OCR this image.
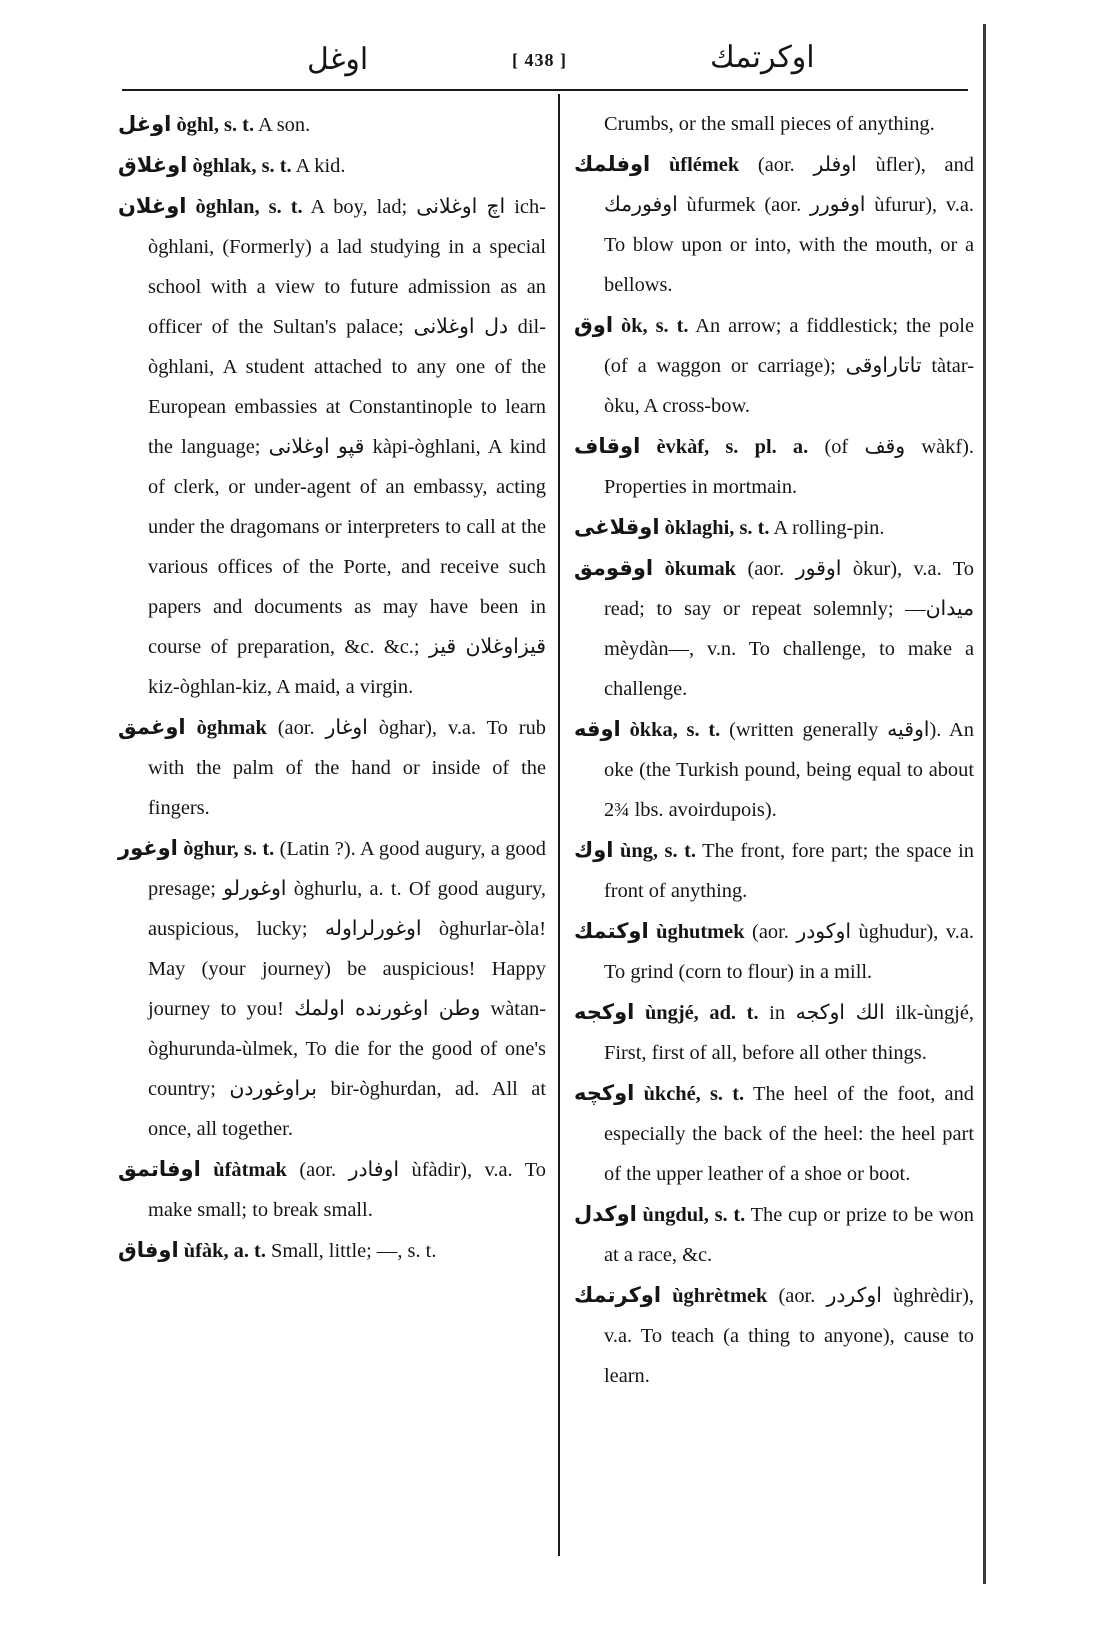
اوغل	[ 438 ]	اوكرتمك

اوغل òghl, s. t. A son.

اوغلاق òghlak, s. t. A kid.

اوغلان òghlan, s. t. A boy, lad; اچ اوغلانی ich-òghlani, (Formerly) a lad studying in a special school with a view to future admission as an officer of the Sultan's palace; دل اوغلانی dil-òghlani, A student attached to any one of the European embassies at Constantinople to learn the language; قپو اوغلانی kàpi-òghlani, A kind of clerk, or under-agent of an embassy, acting under the dragomans or interpreters to call at the various offices of the Porte, and receive such papers and documents as may have been in course of preparation, &c. &c.; قیزاوغلان قیز kiz-òghlan-kiz, A maid, a virgin.

اوغمق òghmak (aor. اوغار òghar), v.a. To rub with the palm of the hand or inside of the fingers.

اوغور òghur, s. t. (Latin ?). A good augury, a good presage; اوغورلو òghurlu, a. t. Of good augury, auspicious, lucky; اوغورلراوله òghurlar-òla! May (your journey) be auspicious! Happy journey to you! وطن اوغورنده اولمك wàtan-òghurunda-ùlmek, To die for the good of one's country; براوغوردن bir-òghurdan, ad. All at once, all together.

اوفاتمق ùfàtmak (aor. اوفادر ùfàdir), v.a. To make small; to break small.

اوفاق ùfàk, a. t. Small, little; —, s. t.

Crumbs, or the small pieces of anything.

اوفلمك ùflémek (aor. اوفلر ùfler), and اوفورمك ùfurmek (aor. اوفورر ùfurur), v.a. To blow upon or into, with the mouth, or a bellows.

اوق òk, s. t. An arrow; a fiddlestick; the pole (of a waggon or carriage); تاتاراوقی tàtar-òku, A cross-bow.

اوقاف èvkàf, s. pl. a. (of وقف wàkf). Properties in mortmain.

اوقلاغی òklaghi, s. t. A rolling-pin.

اوقومق òkumak (aor. اوقور òkur), v.a. To read; to say or repeat solemnly; —میدان mèydàn—, v.n. To challenge, to make a challenge.

اوقه òkka, s. t. (written generally اوقیه). An oke (the Turkish pound, being equal to about 2¾ lbs. avoirdupois).

اوك ùng, s. t. The front, fore part; the space in front of anything.

اوكتمك ùghutmek (aor. اوكودر ùghudur), v.a. To grind (corn to flour) in a mill.

اوكجه ùngjé, ad. t. in الك اوكجه ilk-ùngjé, First, first of all, before all other things.

اوكچه ùkché, s. t. The heel of the foot, and especially the back of the heel: the heel part of the upper leather of a shoe or boot.

اوكدل ùngdul, s. t. The cup or prize to be won at a race, &c.

اوكرتمك ùghrètmek (aor. اوكردر ùghrèdir), v.a. To teach (a thing to anyone), cause to learn.
